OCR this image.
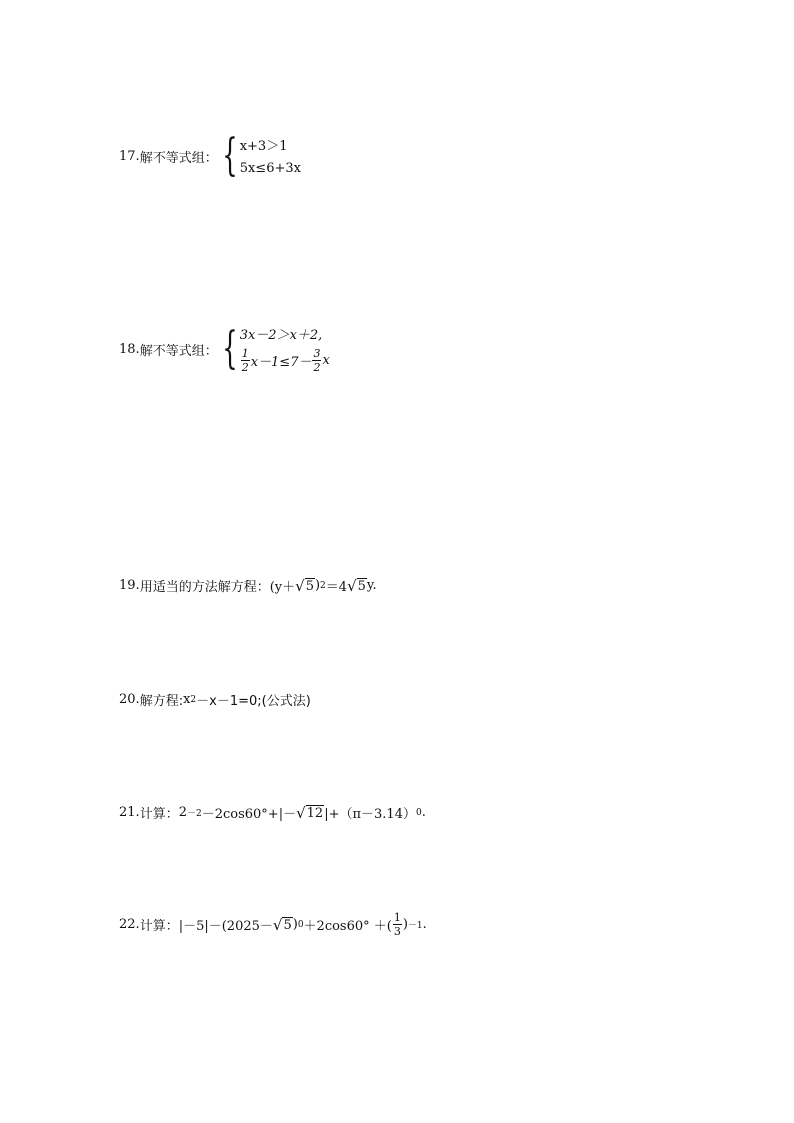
17. 解不等式组： { x+3＞1
5x≤6+3x
18. 解不等式组： { 3x－2＞x＋2,
$\frac{1}{2} x-1\le 7- \frac{3}{2}$ x
19. 用适当的方法解方程： (y＋ √ 5 ) 2 ＝4 √ 5 y.
20. 解方程: x 2 －x－1=0;(公式法)
21. 计算： 2 －2 －2cos60°+|－ √ 12 |+（π－3.14） 0 .
22. 计算： |－5|－(2025－ √ 5 ) 0 ＋2cos60° ＋( $\frac{1}{3}$ ) －1 .
